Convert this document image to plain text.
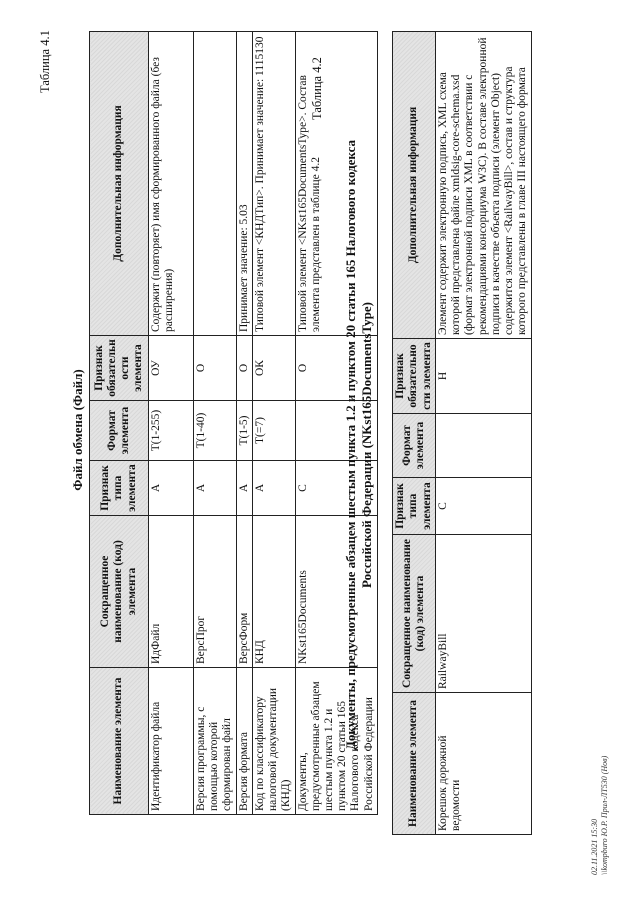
Таблица 4.1
Файл обмена (Файл)
Наименование элемента	Сокращенное наименование (код) элемента	Признак типа элемента	Формат элемента	Признак обязательности элемента	Дополнительная информация
Идентификатор файла	ИдФайл	А	Т(1-255)	ОУ	Содержит (повторяет) имя сформированного файла (без расширения)
Версия программы, с помощью которой сформирован файл	ВерсПрог	А	Т(1-40)	О	
Версия формата	ВерсФорм	А	Т(1-5)	О	Принимает значение: 5.03
Код по классификатору налоговой документации (КНД)	КНД	А	Т(=7)	ОК	Типовой элемент <КНДТип>. Принимает значение: 1115130
Документы, предусмотренные абзацем шестым пункта 1.2 и пунктом 20 статьи 165 Налогового кодекса Российской Федерации	NKst165Documents	С		О	Типовой элемент <NKst165DocumentsType>. Состав элемента представлен в таблице 4.2
Таблица 4.2
Документы, предусмотренные абзацем шестым пункта 1.2 и пунктом 20 статьи 165 Налогового кодекса Российской Федерации (NKst165DocumentsType)
Наименование элемента	Сокращенное наименование (код) элемента	Признак типа элемента	Формат элемента	Признак обязательности элемента	Дополнительная информация
Корешок дорожной ведомости	RailwayBill	С		Н	Элемент содержит электронную подпись, XML схема которой представлена файле xmldsig-core-schema.xsd (формат электронной подписи XML в соответствии с рекомендациями консорциума W3C). В составе электронной подписи в качестве объекта подписи (элемент Object) содержится элемент <RailwayBill>, состав и структура которого представлены в главе III настоящего формата
02.11.2021 15:30 \\kompburo Ю.Р. Прил-ЛТ530 (Нов)
